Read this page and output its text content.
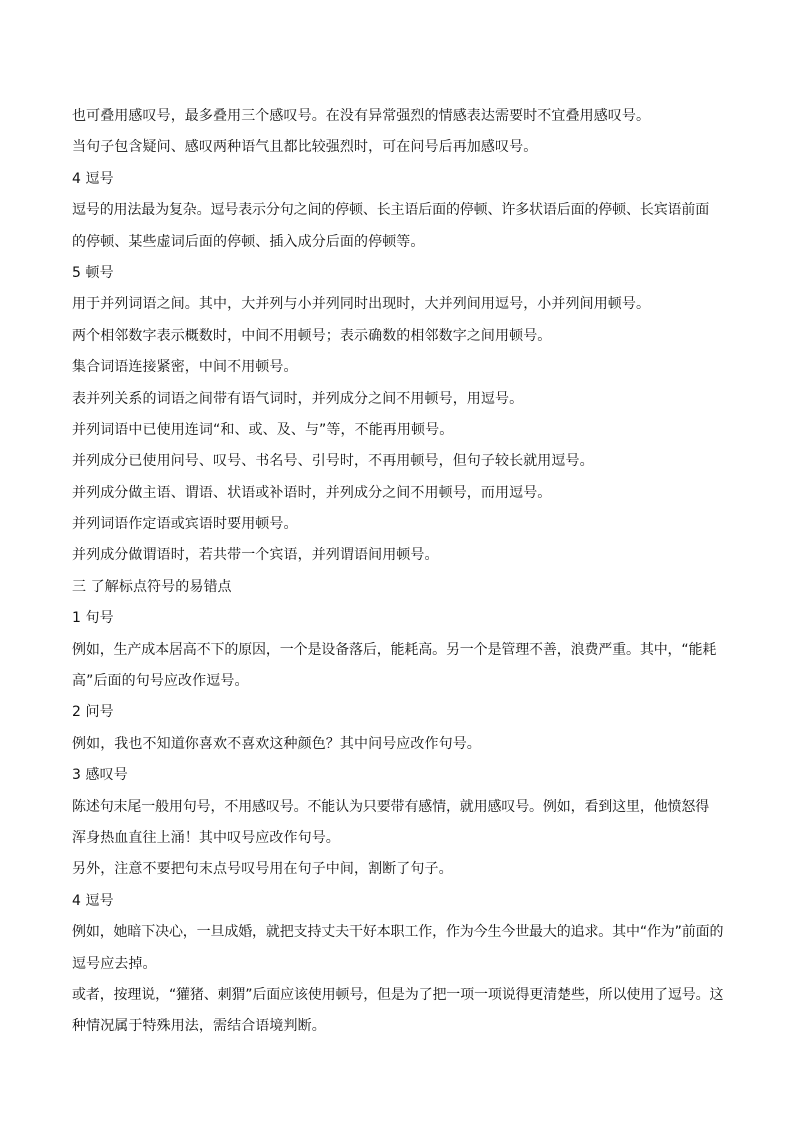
也可叠用感叹号，最多叠用三个感叹号。在没有异常强烈的情感表达需要时不宜叠用感叹号。
当句子包含疑问、感叹两种语气且都比较强烈时，可在问号后再加感叹号。
4 逗号
逗号的用法最为复杂。逗号表示分句之间的停顿、长主语后面的停顿、许多状语后面的停顿、长宾语前面
的停顿、某些虚词后面的停顿、插入成分后面的停顿等。
5 顿号
用于并列词语之间。其中，大并列与小并列同时出现时，大并列间用逗号，小并列间用顿号。
两个相邻数字表示概数时，中间不用顿号；表示确数的相邻数字之间用顿号。
集合词语连接紧密，中间不用顿号。
表并列关系的词语之间带有语气词时，并列成分之间不用顿号，用逗号。
并列词语中已使用连词“和、或、及、与”等，不能再用顿号。
并列成分已使用问号、叹号、书名号、引号时，不再用顿号，但句子较长就用逗号。
并列成分做主语、谓语、状语或补语时，并列成分之间不用顿号，而用逗号。
并列词语作定语或宾语时要用顿号。
并列成分做谓语时，若共带一个宾语，并列谓语间用顿号。
三 了解标点符号的易错点
1 句号
例如，生产成本居高不下的原因，一个是设备落后，能耗高。另一个是管理不善，浪费严重。其中，“能耗
高”后面的句号应改作逗号。
2 问号
例如，我也不知道你喜欢不喜欢这种颜色？其中问号应改作句号。
3 感叹号
陈述句末尾一般用句号，不用感叹号。不能认为只要带有感情，就用感叹号。例如，看到这里，他愤怒得
浑身热血直往上涌！其中叹号应改作句号。
另外，注意不要把句末点号叹号用在句子中间，割断了句子。
4 逗号
例如，她暗下决心，一旦成婚，就把支持丈夫干好本职工作，作为今生今世最大的追求。其中“作为”前面的
逗号应去掉。
或者，按理说，“獾猪、刺猬”后面应该使用顿号，但是为了把一项一项说得更清楚些，所以使用了逗号。这
种情况属于特殊用法，需结合语境判断。
